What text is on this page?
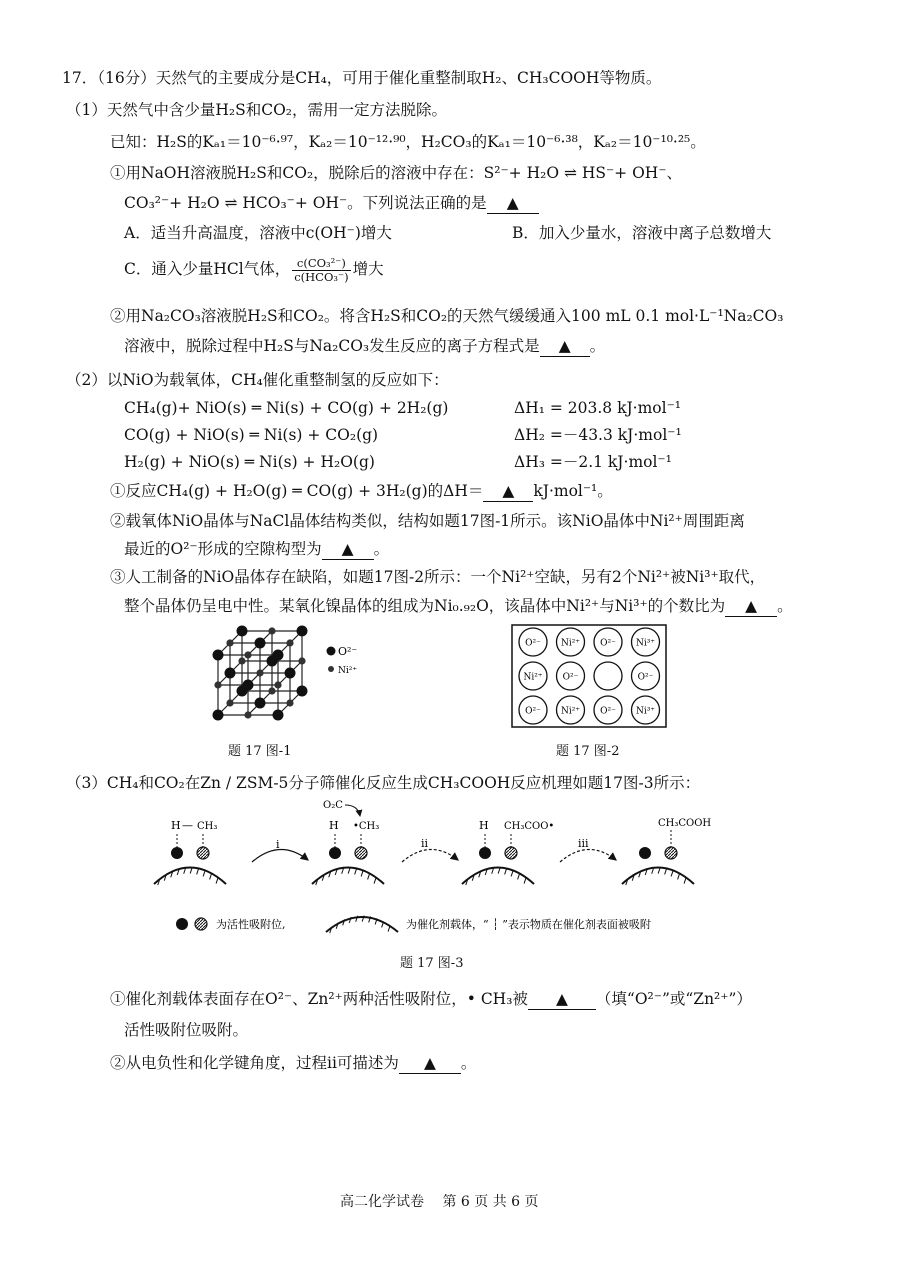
17．（16分）天然气的主要成分是CH₄，可用于催化重整制取H₂、CH₃COOH等物质。
（1）天然气中含少量H₂S和CO₂，需用一定方法脱除。
已知：H₂S的Kₐ₁＝10⁻⁶·⁹⁷，Kₐ₂＝10⁻¹²·⁹⁰，H₂CO₃的Kₐ₁＝10⁻⁶·³⁸，Kₐ₂＝10⁻¹⁰·²⁵。
①用NaOH溶液脱H₂S和CO₂，脱除后的溶液中存在：S²⁻+ H₂O ⇌ HS⁻+ OH⁻、
CO₃²⁻+ H₂O ⇌ HCO₃⁻+ OH⁻。下列说法正确的是 ▲
A．适当升高温度，溶液中c(OH⁻)增大	B．加入少量水，溶液中离子总数增大
C．通入少量HCl气体， $\frac{\text{c(CO₃²⁻)}}{\text{c(HCO₃⁻)}}$ 增大
②用Na₂CO₃溶液脱H₂S和CO₂。将含H₂S和CO₂的天然气缓缓通入100 mL 0.1 mol·L⁻¹Na₂CO₃
溶液中，脱除过程中H₂S与Na₂CO₃发生反应的离子方程式是 ▲ 。
（2）以NiO为载氧体，CH₄催化重整制氢的反应如下：
CH₄(g)+ NiO(s) ═ Ni(s) + CO(g) + 2H₂(g)	ΔH₁ = 203.8 kJ·mol⁻¹
CO(g) + NiO(s) ═ Ni(s) + CO₂(g)	ΔH₂ =－43.3 kJ·mol⁻¹
H₂(g) + NiO(s) ═ Ni(s) + H₂O(g)	ΔH₃ =－2.1 kJ·mol⁻¹
①反应CH₄(g) + H₂O(g) ═ CO(g) + 3H₂(g)的ΔH＝ ▲ kJ·mol⁻¹。
②载氧体NiO晶体与NaCl晶体结构类似，结构如题17图-1所示。该NiO晶体中Ni²⁺周围距离
最近的O²⁻形成的空隙构型为 ▲ 。
③人工制备的NiO晶体存在缺陷，如题17图-2所示：一个Ni²⁺空缺，另有2个Ni²⁺被Ni³⁺取代，
整个晶体仍呈电中性。某氧化镍晶体的组成为Ni₀.₉₂O，该晶体中Ni²⁺与Ni³⁺的个数比为 ▲ 。
O²⁻
Ni²⁺
题 17 图-1
O²⁻ Ni²⁺ O²⁻ Ni³⁺
Ni²⁺ O²⁻	O²⁻
O²⁻ Ni²⁺ O²⁻ Ni³⁺
题 17 图-2
（3）CH₄和CO₂在Zn / ZSM-5分子筛催化反应生成CH₃COOH反应机理如题17图-3所示：
H — CH₃
i
H •CH₃
O₂C
ii
H CH₃COO•
iii
CH₃COOH
为活性吸附位,	为催化剂载体，“ ┆ ”表示物质在催化剂表面被吸附
题 17 图-3
①催化剂载体表面存在O²⁻、Zn²⁺两种活性吸附位，• CH₃被 ▲ （填“O²⁻”或“Zn²⁺”）
活性吸附位吸附。
②从电负性和化学键角度，过程ii可描述为 ▲ 。
高二化学试卷　 第 6 页 共 6 页
